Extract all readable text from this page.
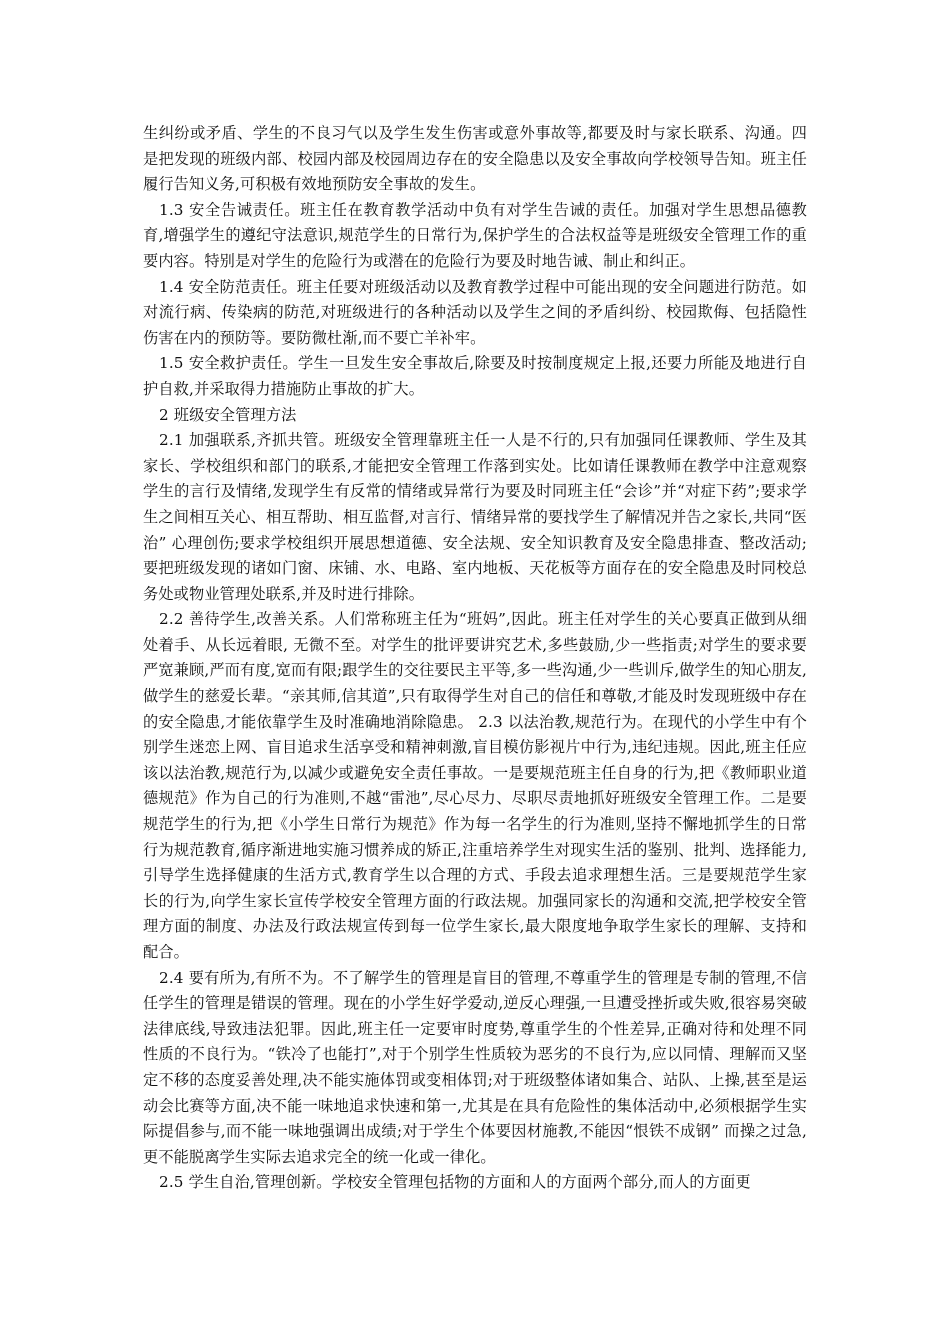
生纠纷或矛盾、学生的不良习气以及学生发生伤害或意外事故等,都要及时与家长联系、沟通。四是把发现的班级内部、校园内部及校园周边存在的安全隐患以及安全事故向学校领导告知。班主任履行告知义务,可积极有效地预防安全事故的发生。

1.3 安全告诫责任。班主任在教育教学活动中负有对学生告诫的责任。加强对学生思想品德教育,增强学生的遵纪守法意识,规范学生的日常行为,保护学生的合法权益等是班级安全管理工作的重要内容。特别是对学生的危险行为或潜在的危险行为要及时地告诫、制止和纠正。

1.4 安全防范责任。班主任要对班级活动以及教育教学过程中可能出现的安全问题进行防范。如对流行病、传染病的防范,对班级进行的各种活动以及学生之间的矛盾纠纷、校园欺侮、包括隐性伤害在内的预防等。要防微杜渐,而不要亡羊补牢。

1.5 安全救护责任。学生一旦发生安全事故后,除要及时按制度规定上报,还要力所能及地进行自护自救,并采取得力措施防止事故的扩大。

2 班级安全管理方法

2.1 加强联系,齐抓共管。班级安全管理靠班主任一人是不行的,只有加强同任课教师、学生及其家长、学校组织和部门的联系,才能把安全管理工作落到实处。比如请任课教师在教学中注意观察学生的言行及情绪,发现学生有反常的情绪或异常行为要及时同班主任“会诊”并“对症下药”;要求学生之间相互关心、相互帮助、相互监督,对言行、情绪异常的要找学生了解情况并告之家长,共同“医治” 心理创伤;要求学校组织开展思想道德、安全法规、安全知识教育及安全隐患排查、整改活动;要把班级发现的诸如门窗、床铺、水、电路、室内地板、天花板等方面存在的安全隐患及时同校总务处或物业管理处联系,并及时进行排除。

2.2 善待学生,改善关系。人们常称班主任为“班妈”,因此。班主任对学生的关心要真正做到从细处着手、从长远着眼, 无微不至。对学生的批评要讲究艺术,多些鼓励,少一些指责;对学生的要求要严宽兼顾,严而有度,宽而有限;跟学生的交往要民主平等,多一些沟通,少一些训斥,做学生的知心朋友,做学生的慈爱长辈。“亲其师,信其道”,只有取得学生对自己的信任和尊敬,才能及时发现班级中存在的安全隐患,才能依靠学生及时准确地消除隐患。 2.3 以法治教,规范行为。在现代的小学生中有个别学生迷恋上网、盲目追求生活享受和精神刺激,盲目模仿影视片中行为,违纪违规。因此,班主任应该以法治教,规范行为,以减少或避免安全责任事故。一是要规范班主任自身的行为,把《教师职业道德规范》作为自己的行为准则,不越“雷池”,尽心尽力、尽职尽责地抓好班级安全管理工作。二是要规范学生的行为,把《小学生日常行为规范》作为每一名学生的行为准则,坚持不懈地抓学生的日常行为规范教育,循序渐进地实施习惯养成的矫正,注重培养学生对现实生活的鉴别、批判、选择能力,引导学生选择健康的生活方式,教育学生以合理的方式、手段去追求理想生活。三是要规范学生家长的行为,向学生家长宣传学校安全管理方面的行政法规。加强同家长的沟通和交流,把学校安全管理方面的制度、办法及行政法规宣传到每一位学生家长,最大限度地争取学生家长的理解、支持和配合。

2.4 要有所为,有所不为。不了解学生的管理是盲目的管理,不尊重学生的管理是专制的管理,不信任学生的管理是错误的管理。现在的小学生好学爱动,逆反心理强,一旦遭受挫折或失败,很容易突破法律底线,导致违法犯罪。因此,班主任一定要审时度势,尊重学生的个性差异,正确对待和处理不同性质的不良行为。“铁冷了也能打”,对于个别学生性质较为恶劣的不良行为,应以同情、理解而又坚定不移的态度妥善处理,决不能实施体罚或变相体罚;对于班级整体诸如集合、站队、上操,甚至是运动会比赛等方面,决不能一味地追求快速和第一,尤其是在具有危险性的集体活动中,必须根据学生实际提倡参与,而不能一味地强调出成绩;对于学生个体要因材施教,不能因“恨铁不成钢” 而操之过急,更不能脱离学生实际去追求完全的统一化或一律化。

2.5 学生自治,管理创新。学校安全管理包括物的方面和人的方面两个部分,而人的方面更
